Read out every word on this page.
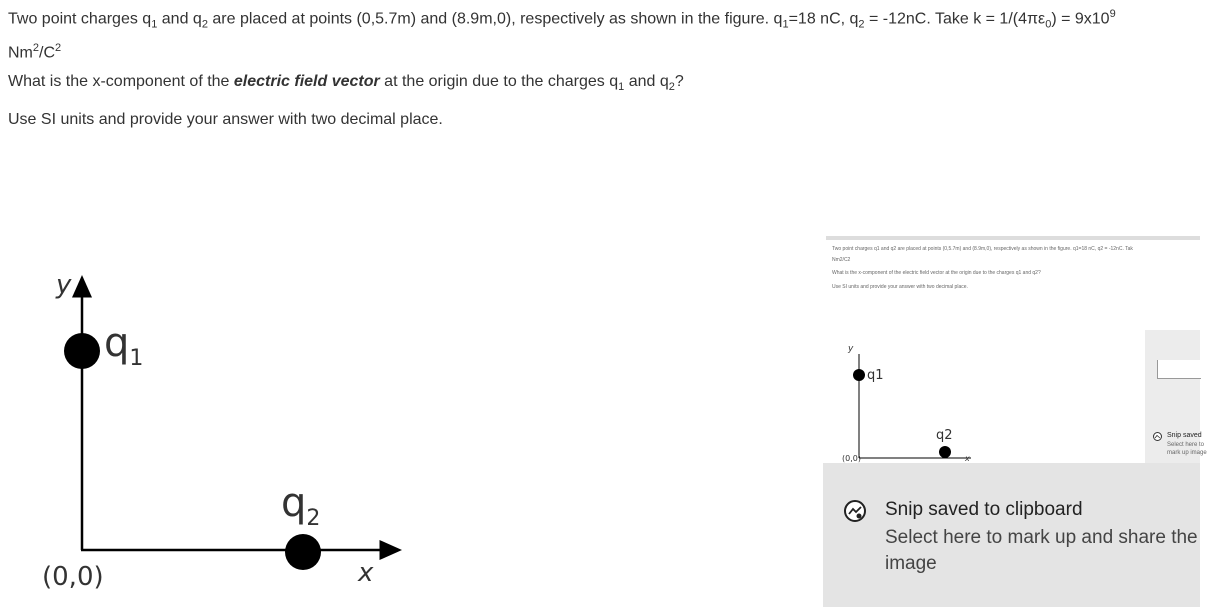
Two point charges $q_1$ and $q_2$ are placed at points (0,5.7m) and (8.9m,0), respectively as shown in the figure. $q_1=18$ nC, $q_2 = -12nC$. Take $k = 1/(4\pi\varepsilon_0) = 9x10^9$
$Nm^2/C^2$
What is the x-component of the electric field vector at the origin due to the charges $q_1$ and $q_2$?
Use SI units and provide your answer with two decimal place.
y
x
$q_1$
$q_2$
(0,0)
Two point charges q1 and q2 are placed at points (0,5.7m) and (8.9m,0), respectively as shown in the figure. q1=18 nC, q2 = -12nC. Tak
Nm2/C2
What is the x-component of the electric field vector at the origin due to the charges q1 and q2?
Use SI units and provide your answer with two decimal place.
y
q1
q2
(0,0)	x
Snip saved
Select here to mark up image
Snip saved to clipboard
Select here to mark up and share the image
